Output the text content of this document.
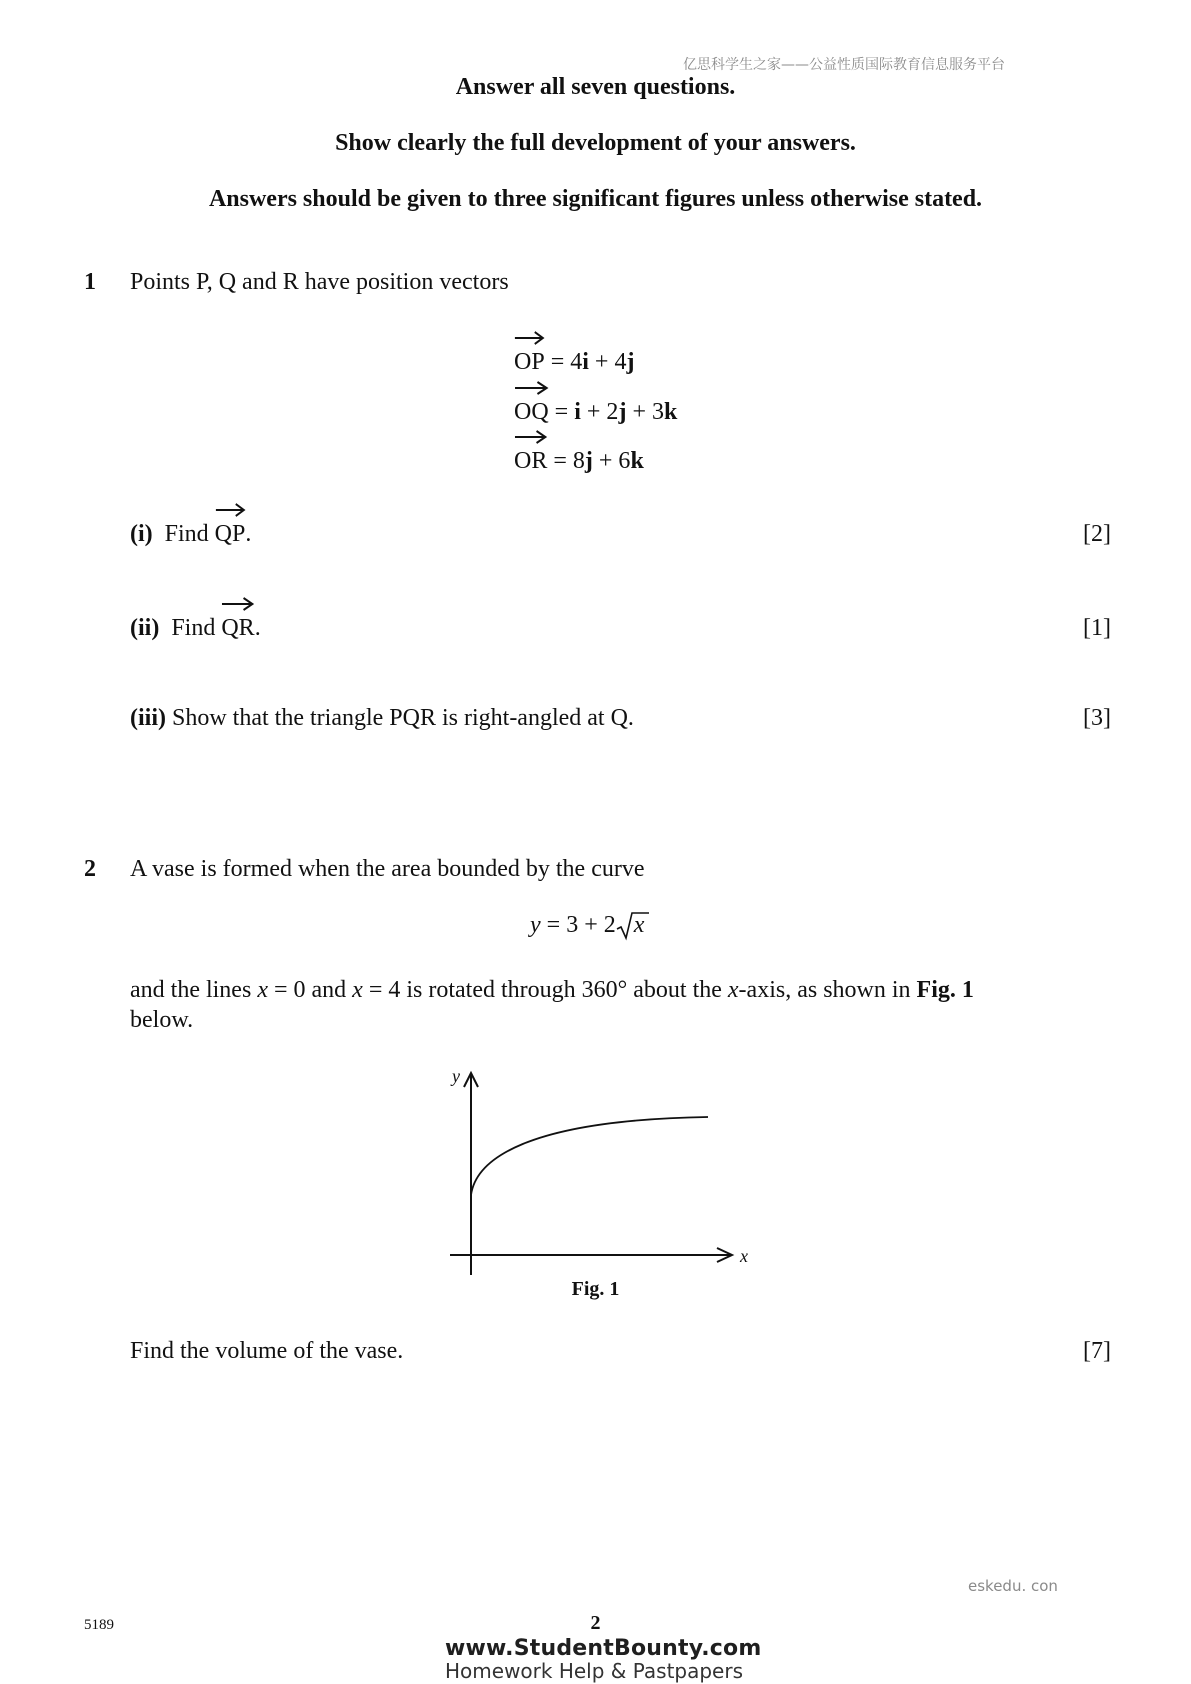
亿思科学生之家——公益性质国际教育信息服务平台
Answer all seven questions.
Show clearly the full development of your answers.
Answers should be given to three significant figures unless otherwise stated.
1 Points P, Q and R have position vectors
OP = 4i + 4j
OQ = i + 2j + 3k
OR = 8j + 6k
(i) Find
QP.	[2]
(ii) Find
QR.	[1]
(iii) Show that the triangle PQR is right-angled at Q.	[3]
2 A vase is formed when the area bounded by the curve
y = 3 + 2 x
and the lines x = 0 and x = 4 is rotated through 360° about the x-axis, as shown in Fig. 1
below.
y
x
Fig. 1
Find the volume of the vase.	[7]
eskedu. con
5189	2
www.StudentBounty.com
Homework Help & Pastpapers
